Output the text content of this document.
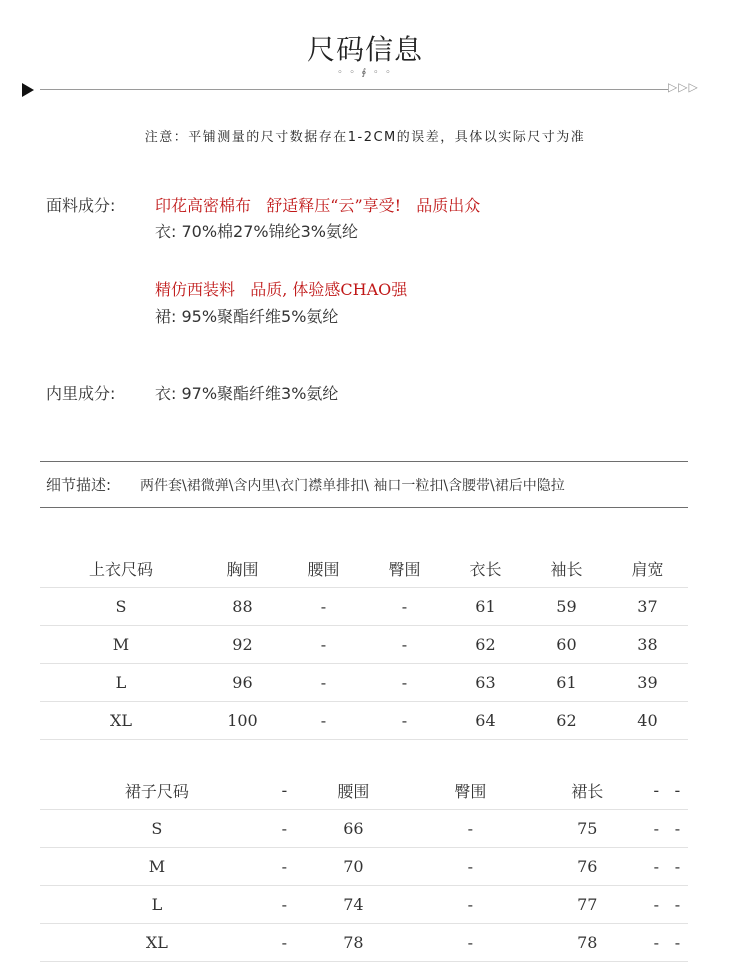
尺码信息
◦ ◦ ∮ ◦ ◦
▷▷▷
注意：平铺测量的尺寸数据存在1-2CM的误差，具体以实际尺寸为准
面料成分: 印花高密棉布   舒适释压“云”享受!   品质出众
衣: 70%棉27%锦纶3%氨纶
精仿西装料   品质, 体验感CHAO强
裙: 95%聚酯纤维5%氨纶
内里成分: 衣: 97%聚酯纤维3%氨纶
细节描述: 两件套\裙微弹\含内里\衣门襟单排扣\ 袖口一粒扣\含腰带\裙后中隐拉
上衣尺码	胸围	腰围	臀围	衣长	袖长	肩宽
S	88	-	-	61	59	37
M	92	-	-	62	60	38
L	96	-	-	63	61	39
XL	100	-	-	64	62	40
裙子尺码	-	腰围	臀围	裙长	-	-
S	-	66	-	75	-	-
M	-	70	-	76	-	-
L	-	74	-	77	-	-
XL	-	78	-	78	-	-
